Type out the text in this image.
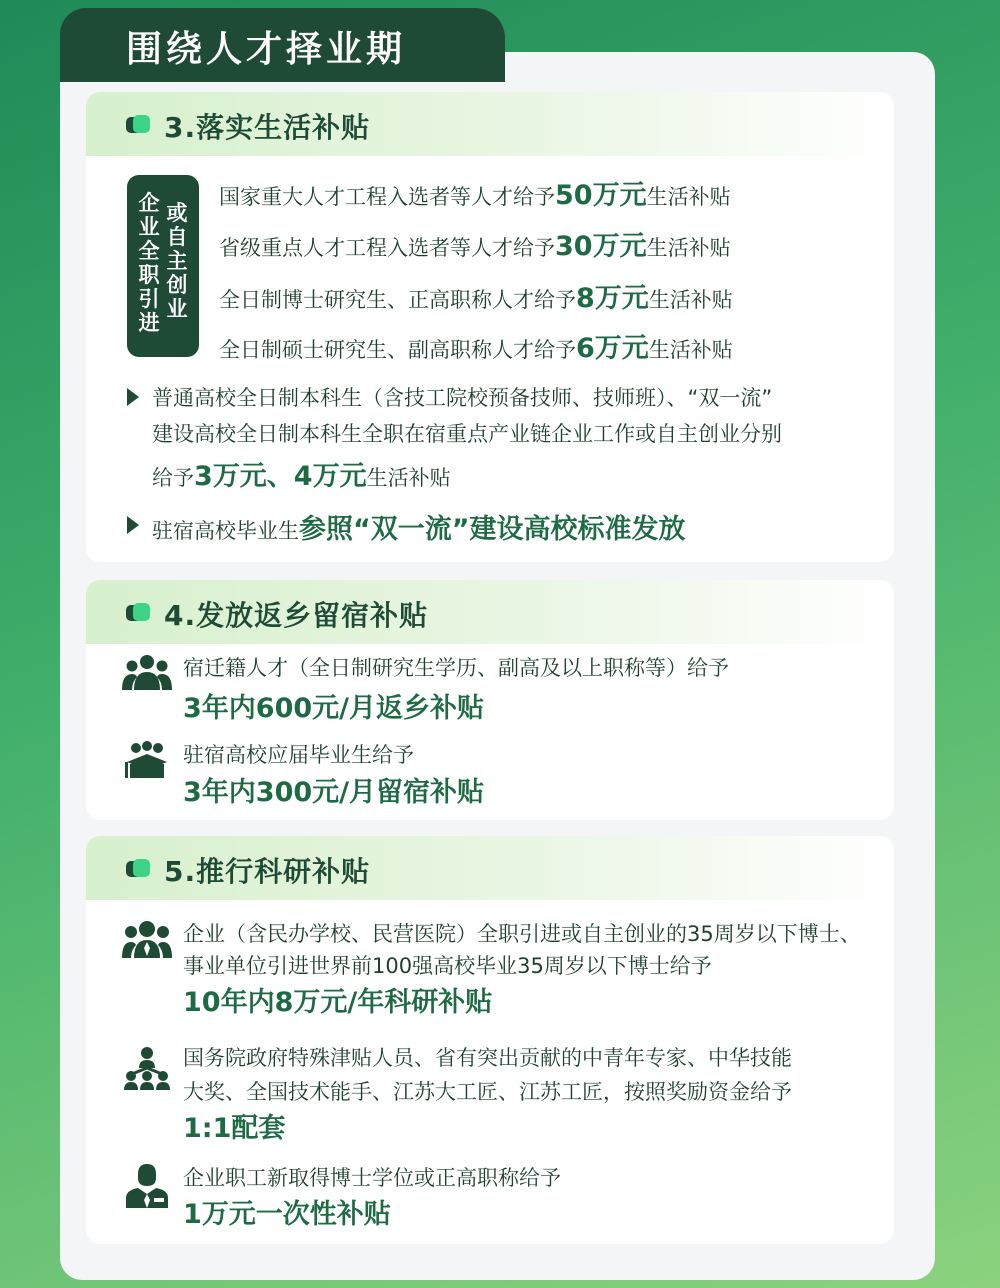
围绕人才择业期
3.落实生活补贴
企业全职引进
或自主创业
国家重大人才工程入选者等人才给予50万元生活补贴
省级重点人才工程入选者等人才给予30万元生活补贴
全日制博士研究生、正高职称人才给予8万元生活补贴
全日制硕士研究生、副高职称人才给予6万元生活补贴
普通高校全日制本科生（含技工院校预备技师、技师班）、“双一流”
建设高校全日制本科生全职在宿重点产业链企业工作或自主创业分别
给予3万元、4万元生活补贴
驻宿高校毕业生参照“双一流”建设高校标准发放
4.发放返乡留宿补贴
宿迁籍人才（全日制研究生学历、副高及以上职称等）给予
3年内600元/月返乡补贴
驻宿高校应届毕业生给予
3年内300元/月留宿补贴
5.推行科研补贴
企业（含民办学校、民营医院）全职引进或自主创业的35周岁以下博士、
事业单位引进世界前100强高校毕业35周岁以下博士给予
10年内8万元/年科研补贴
国务院政府特殊津贴人员、省有突出贡献的中青年专家、中华技能
大奖、全国技术能手、江苏大工匠、江苏工匠，按照奖励资金给予
1:1配套
企业职工新取得博士学位或正高职称给予
1万元一次性补贴
